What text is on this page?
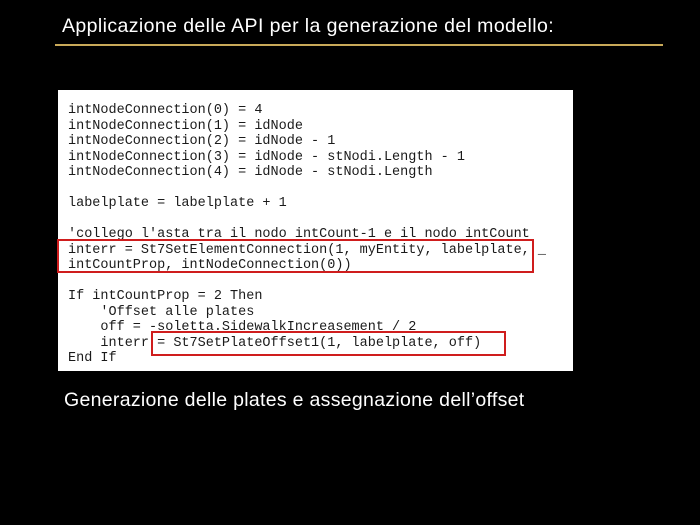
Applicazione delle API per la generazione del modello:
intNodeConnection(0) = 4
intNodeConnection(1) = idNode
intNodeConnection(2) = idNode - 1
intNodeConnection(3) = idNode - stNodi.Length - 1
intNodeConnection(4) = idNode - stNodi.Length
labelplate = labelplate + 1
'collego l'asta tra il nodo intCount-1 e il nodo intCount
interr = St7SetElementConnection(1, myEntity, labelplate, _
intCountProp, intNodeConnection(0))
If intCountProp = 2 Then
'Offset alle plates
off = -soletta.SidewalkIncreasement / 2
interr = St7SetPlateOffset1(1, labelplate, off)
End If
Generazione delle plates e assegnazione dell’offset
